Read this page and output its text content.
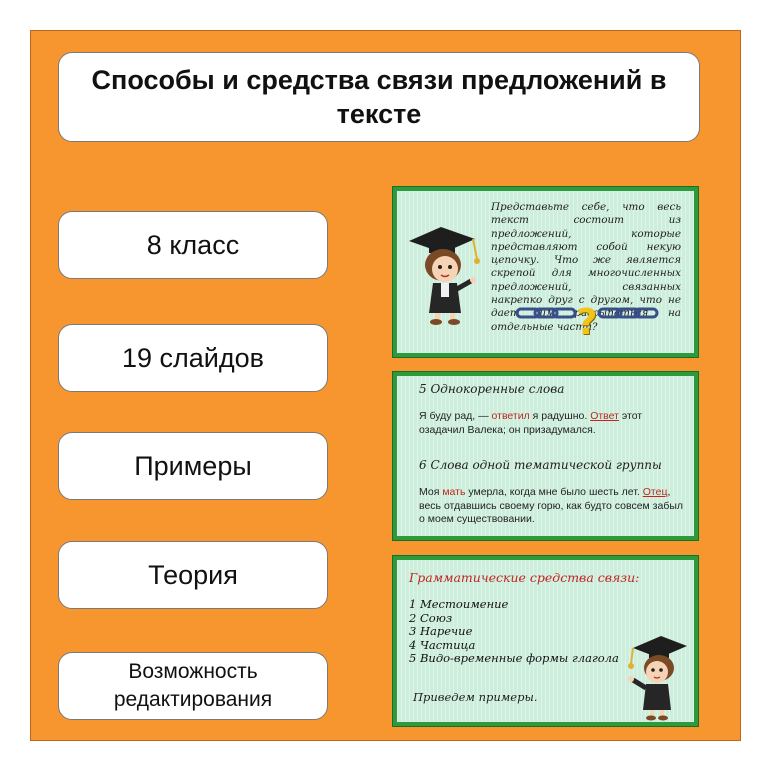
Способы и средства связи предложений в тексте
8 класс
19 слайдов
Примеры
Теория
Возможность редактирования
Представьте себе, что весь текст состоит из предложений, которые представляют собой некую цепочку. Что же является скрепой для многочисленных предложений, связанных накрепко друг с другом, что не дает им рассыпаться на отдельные части?
?
5 Однокоренные слова
Я буду рад, — ответил я радушно. Ответ этот озадачил Валека; он призадумался.
6 Слова одной тематической группы
Моя мать умерла, когда мне было шесть лет. Отец, весь отдавшись своему горю, как будто совсем забыл о моем существовании.
Грамматические средства связи:
1 Местоимение
2 Союз
3 Наречие
4 Частица
5 Видо-временные формы глагола
Приведем примеры.
